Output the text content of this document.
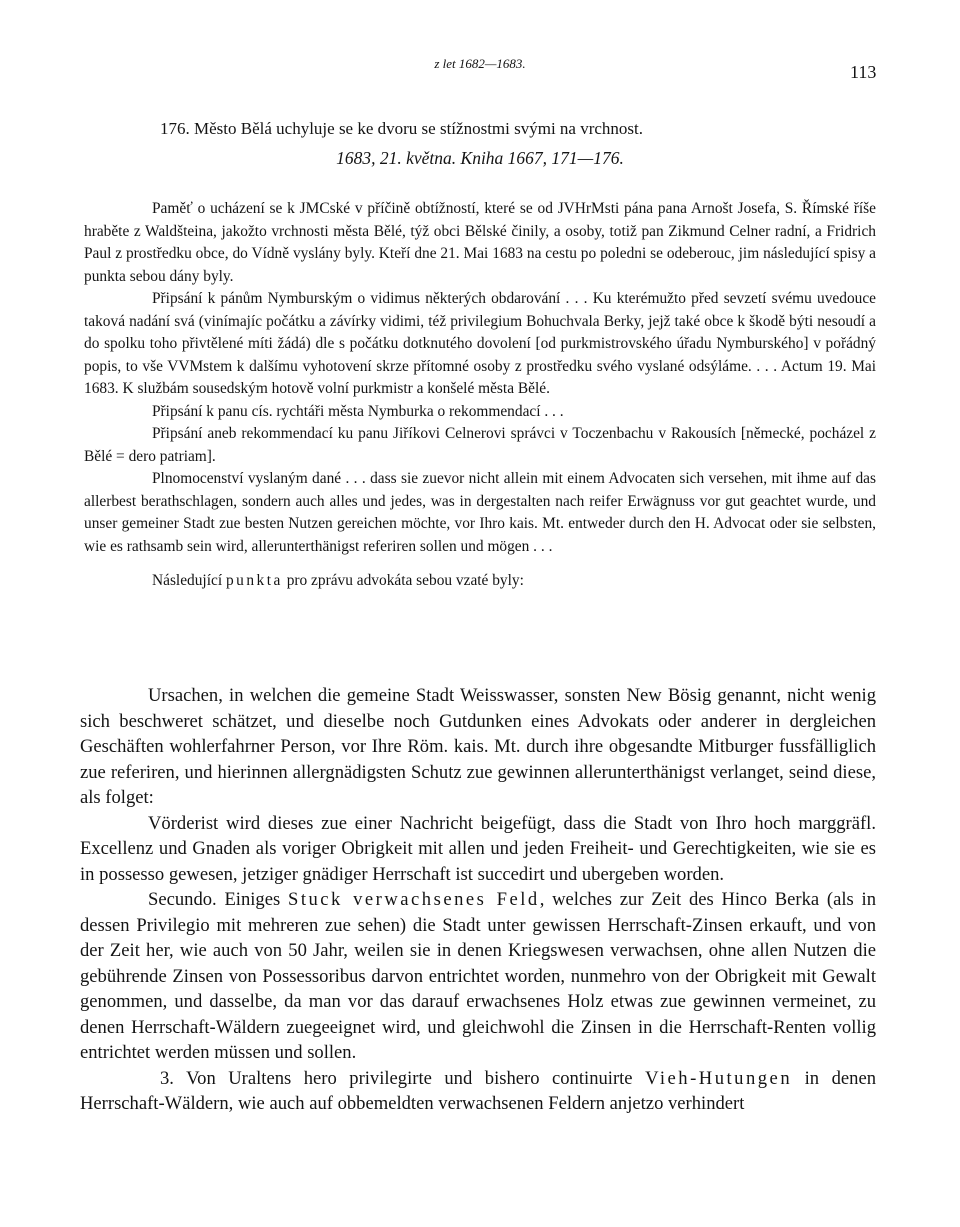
z let 1682—1683.	113
176. Město Bělá uchyluje se ke dvoru se stížnostmi svými na vrchnost.
1683, 21. května. Kniha 1667, 171—176.

Paměť o ucházení se k JMCské v příčině obtížností, které se od JVHrMsti pána pana Arnošt Josefa, S. Římské říše hraběte z Waldšteina, jakožto vrchnosti města Bělé, týž obci Bělské činily, a osoby, totiž pan Zikmund Celner radní, a Fridrich Paul z prostředku obce, do Vídně vyslány byly. Kteří dne 21. Mai 1683 na cestu po poledni se odeberouc, jim následující spisy a punkta sebou dány byly.

Připsání k pánům Nymburským o vidimus některých obdarování . . . Ku kterémužto před sevzetí svému uvedouce taková nadání svá (vinímajíc počátku a závírky vidimi, též privilegium Bohuchvala Berky, jejž také obce k škodě býti nesoudí a do spolku toho přivtělené míti žádá) dle s počátku dotknutého dovolení [od purkmistrovského úřadu Nymburského] v pořádný popis, to vše VVMstem k dalšímu vyhotovení skrze přítomné osoby z prostředku svého vyslané odsýláme. . . . Actum 19. Mai 1683. K službám sousedským hotově volní purkmistr a konšelé města Bělé.

Připsání k panu cís. rychtáři města Nymburka o rekommendací . . .

Připsání aneb rekommendací ku panu Jiříkovi Celnerovi správci v Toczenbachu v Rakousích [německé, pocházel z Bělé = dero patriam].

Plnomocenství vyslaným dané . . . dass sie zuevor nicht allein mit einem Advocaten sich versehen, mit ihme auf das allerbest berathschlagen, sondern auch alles und jedes, was in dergestalten nach reifer Erwägnuss vor gut geachtet wurde, und unser gemeiner Stadt zue besten Nutzen gereichen möchte, vor Ihro kais. Mt. entweder durch den H. Advocat oder sie selbsten, wie es rathsamb sein wird, allerunterthänigst referiren sollen und mögen . . .

Následující punkta pro zprávu advokáta sebou vzaté byly:

Ursachen, in welchen die gemeine Stadt Weisswasser, sonsten New Bösig genannt, nicht wenig sich beschweret schätzet, und dieselbe noch Gutdunken eines Advokats oder anderer in dergleichen Geschäften wohlerfahrner Person, vor Ihre Röm. kais. Mt. durch ihre obgesandte Mitburger fussfälliglich zue referiren, und hierinnen allergnädigsten Schutz zue gewinnen allerunterthänigst verlanget, seind diese, als folget:

Vörderist wird dieses zue einer Nachricht beigefügt, dass die Stadt von Ihro hoch marggräfl. Excellenz und Gnaden als voriger Obrigkeit mit allen und jeden Freiheit- und Gerechtigkeiten, wie sie es in possesso gewesen, jetziger gnädiger Herrschaft ist succedirt und ubergeben worden.

Secundo. Einiges Stuck verwachsenes Feld, welches zur Zeit des Hinco Berka (als in dessen Privilegio mit mehreren zue sehen) die Stadt unter gewissen Herrschaft-Zinsen erkauft, und von der Zeit her, wie auch von 50 Jahr, weilen sie in denen Kriegswesen verwachsen, ohne allen Nutzen die gebührende Zinsen von Possessoribus darvon entrichtet worden, nunmehro von der Obrigkeit mit Gewalt genommen, und dasselbe, da man vor das darauf erwachsenes Holz etwas zue gewinnen vermeinet, zu denen Herrschaft-Wäldern zuegeeignet wird, und gleichwohl die Zinsen in die Herrschaft-Renten vollig entrichtet werden müssen und sollen.

3. Von Uraltens hero privilegirte und bishero continuirte Vieh-Hutungen in denen Herrschaft-Wäldern, wie auch auf obbemeldten verwachsenen Feldern anjetzo verhindert
